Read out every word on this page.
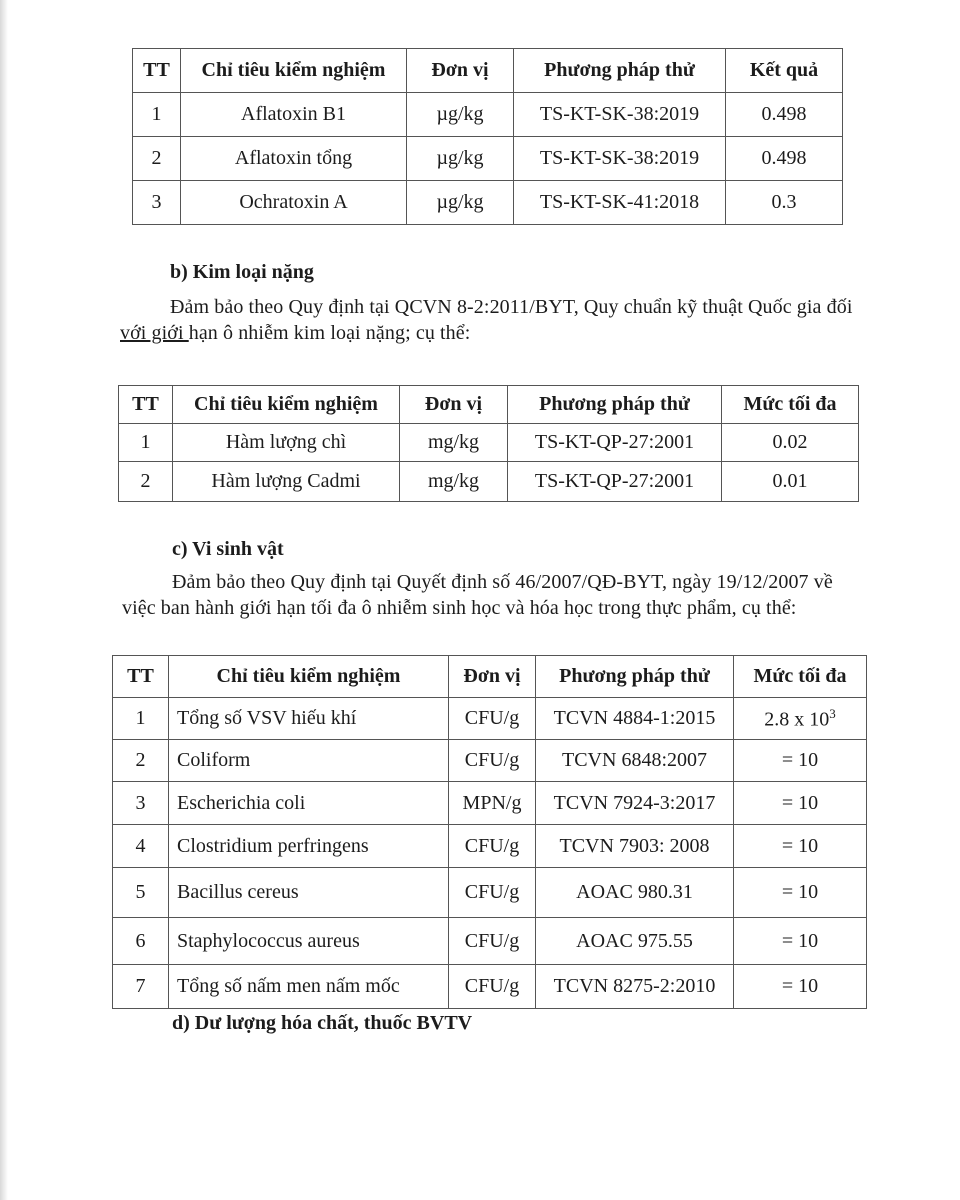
TT	Chỉ tiêu kiểm nghiệm	Đơn vị	Phương pháp thử	Kết quả
1	Aflatoxin B1	µg/kg	TS-KT-SK-38:2019	0.498
2	Aflatoxin tổng	µg/kg	TS-KT-SK-38:2019	0.498
3	Ochratoxin A	µg/kg	TS-KT-SK-41:2018	0.3

b) Kim loại nặng

Đảm bảo theo Quy định tại QCVN 8-2:2011/BYT, Quy chuẩn kỹ thuật Quốc gia đối với giới hạn ô nhiễm kim loại nặng; cụ thể:

TT	Chỉ tiêu kiểm nghiệm	Đơn vị	Phương pháp thử	Mức tối đa
1	Hàm lượng chì	mg/kg	TS-KT-QP-27:2001	0.02
2	Hàm lượng Cadmi	mg/kg	TS-KT-QP-27:2001	0.01

c) Vi sinh vật

Đảm bảo theo Quy định tại Quyết định số 46/2007/QĐ-BYT, ngày 19/12/2007 về việc ban hành giới hạn tối đa ô nhiễm sinh học và hóa học trong thực phẩm, cụ thể:

TT	Chỉ tiêu kiểm nghiệm	Đơn vị	Phương pháp thử	Mức tối đa
1	Tổng số VSV hiếu khí	CFU/g	TCVN 4884-1:2015	2.8 x $10^3$
2	Coliform	CFU/g	TCVN 6848:2007	= 10
3	Escherichia coli	MPN/g	TCVN 7924-3:2017	= 10
4	Clostridium perfringens	CFU/g	TCVN 7903: 2008	= 10
5	Bacillus cereus	CFU/g	AOAC 980.31	= 10
6	Staphylococcus aureus	CFU/g	AOAC 975.55	= 10
7	Tổng số nấm men nấm mốc	CFU/g	TCVN 8275-2:2010	= 10

d) Dư lượng hóa chất, thuốc BVTV
